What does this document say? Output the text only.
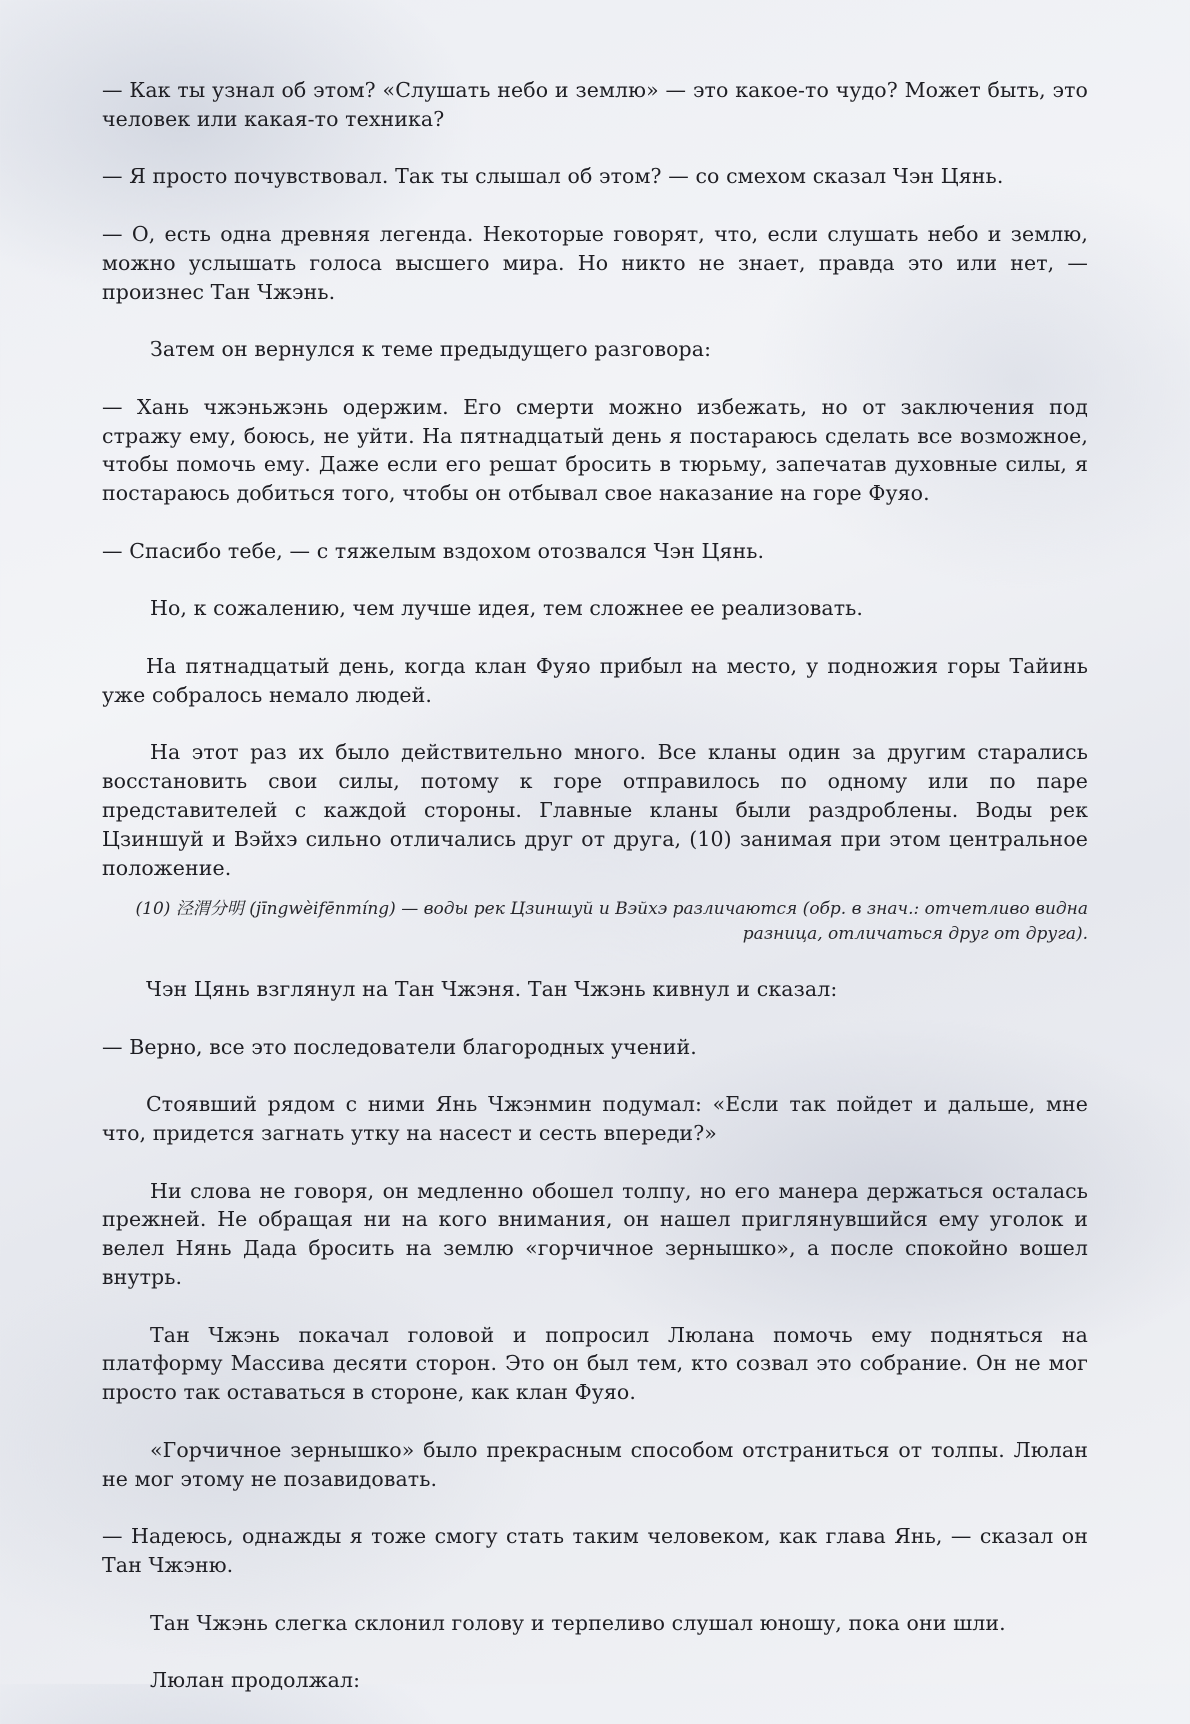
— Как ты узнал об этом? «Слушать небо и землю» — это какое-то чудо? Может быть, это человек или какая-то техника?

— Я просто почувствовал. Так ты слышал об этом? — со смехом сказал Чэн Цянь.

— О, есть одна древняя легенда. Некоторые говорят, что, если слушать небо и землю, можно услышать голоса высшего мира. Но никто не знает, правда это или нет, — произнес Тан Чжэнь.

Затем он вернулся к теме предыдущего разговора:

— Хань чжэньжэнь одержим. Его смерти можно избежать, но от заключения под стражу ему, боюсь, не уйти. На пятнадцатый день я постараюсь сделать все возможное, чтобы помочь ему. Даже если его решат бросить в тюрьму, запечатав духовные силы, я постараюсь добиться того, чтобы он отбывал свое наказание на горе Фуяо.

— Спасибо тебе, — с тяжелым вздохом отозвался Чэн Цянь.

Но, к сожалению, чем лучше идея, тем сложнее ее реализовать.

На пятнадцатый день, когда клан Фуяо прибыл на место, у подножия горы Тайинь уже собралось немало людей.

На этот раз их было действительно много. Все кланы один за другим старались восстановить свои силы, потому к горе отправилось по одному или по паре представителей с каждой стороны. Главные кланы были раздроблены. Воды рек Цзиншуй и Вэйхэ сильно отличались друг от друга, (10) занимая при этом центральное положение.

(10) 泾渭分明 (jīngwèifēnmíng) — воды рек Цзиншуй и Вэйхэ различаются (обр. в знач.: отчетливо видна разница, отличаться друг от друга).

Чэн Цянь взглянул на Тан Чжэня. Тан Чжэнь кивнул и сказал:

— Верно, все это последователи благородных учений.

Стоявший рядом с ними Янь Чжэнмин подумал: «Если так пойдет и дальше, мне что, придется загнать утку на насест и сесть впереди?»

Ни слова не говоря, он медленно обошел толпу, но его манера держаться осталась прежней. Не обращая ни на кого внимания, он нашел приглянувшийся ему уголок и велел Нянь Дада бросить на землю «горчичное зернышко», а после спокойно вошел внутрь.

Тан Чжэнь покачал головой и попросил Люлана помочь ему подняться на платформу Массива десяти сторон. Это он был тем, кто созвал это собрание. Он не мог просто так оставаться в стороне, как клан Фуяо.

«Горчичное зернышко» было прекрасным способом отстраниться от толпы. Люлан не мог этому не позавидовать.

— Надеюсь, однажды я тоже смогу стать таким человеком, как глава Янь, — сказал он Тан Чжэню.

Тан Чжэнь слегка склонил голову и терпеливо слушал юношу, пока они шли.

Люлан продолжал:
